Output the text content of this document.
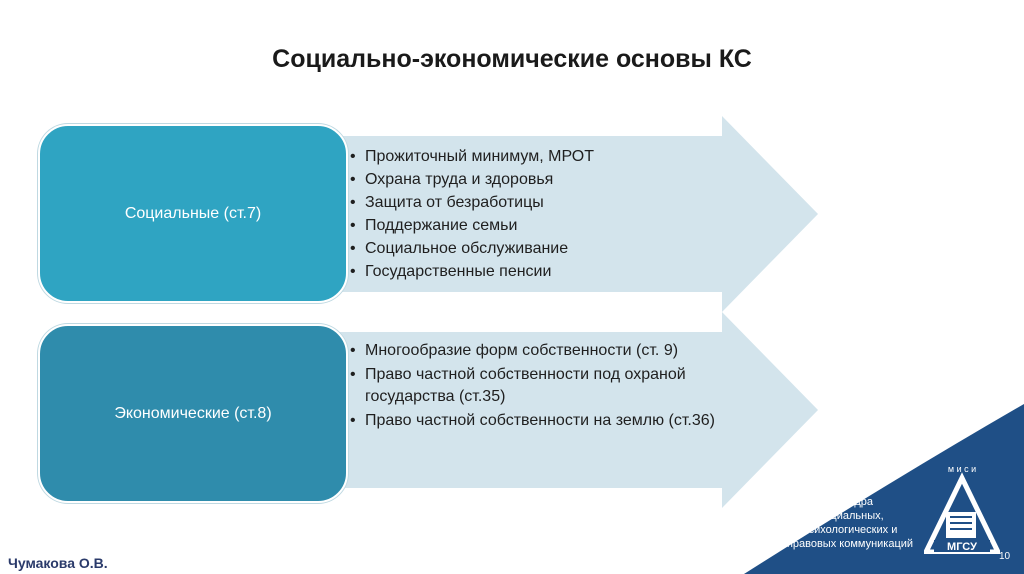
Социально-экономические основы КС
Социальные (ст.7)
• Прожиточный минимум, МРОТ
• Охрана труда и здоровья
• Защита от безработицы
• Поддержание семьи
• Социальное обслуживание
• Государственные пенсии
Экономические (ст.8)
• Многообразие форм собственности (ст. 9)
• Право частной собственности под охраной государства (ст.35)
• Право частной собственности на землю (ст.36)
Кафедра
Социальных,
психологических и
правовых коммуникаций
м и с и
МГСУ
10
Чумакова О.В.
